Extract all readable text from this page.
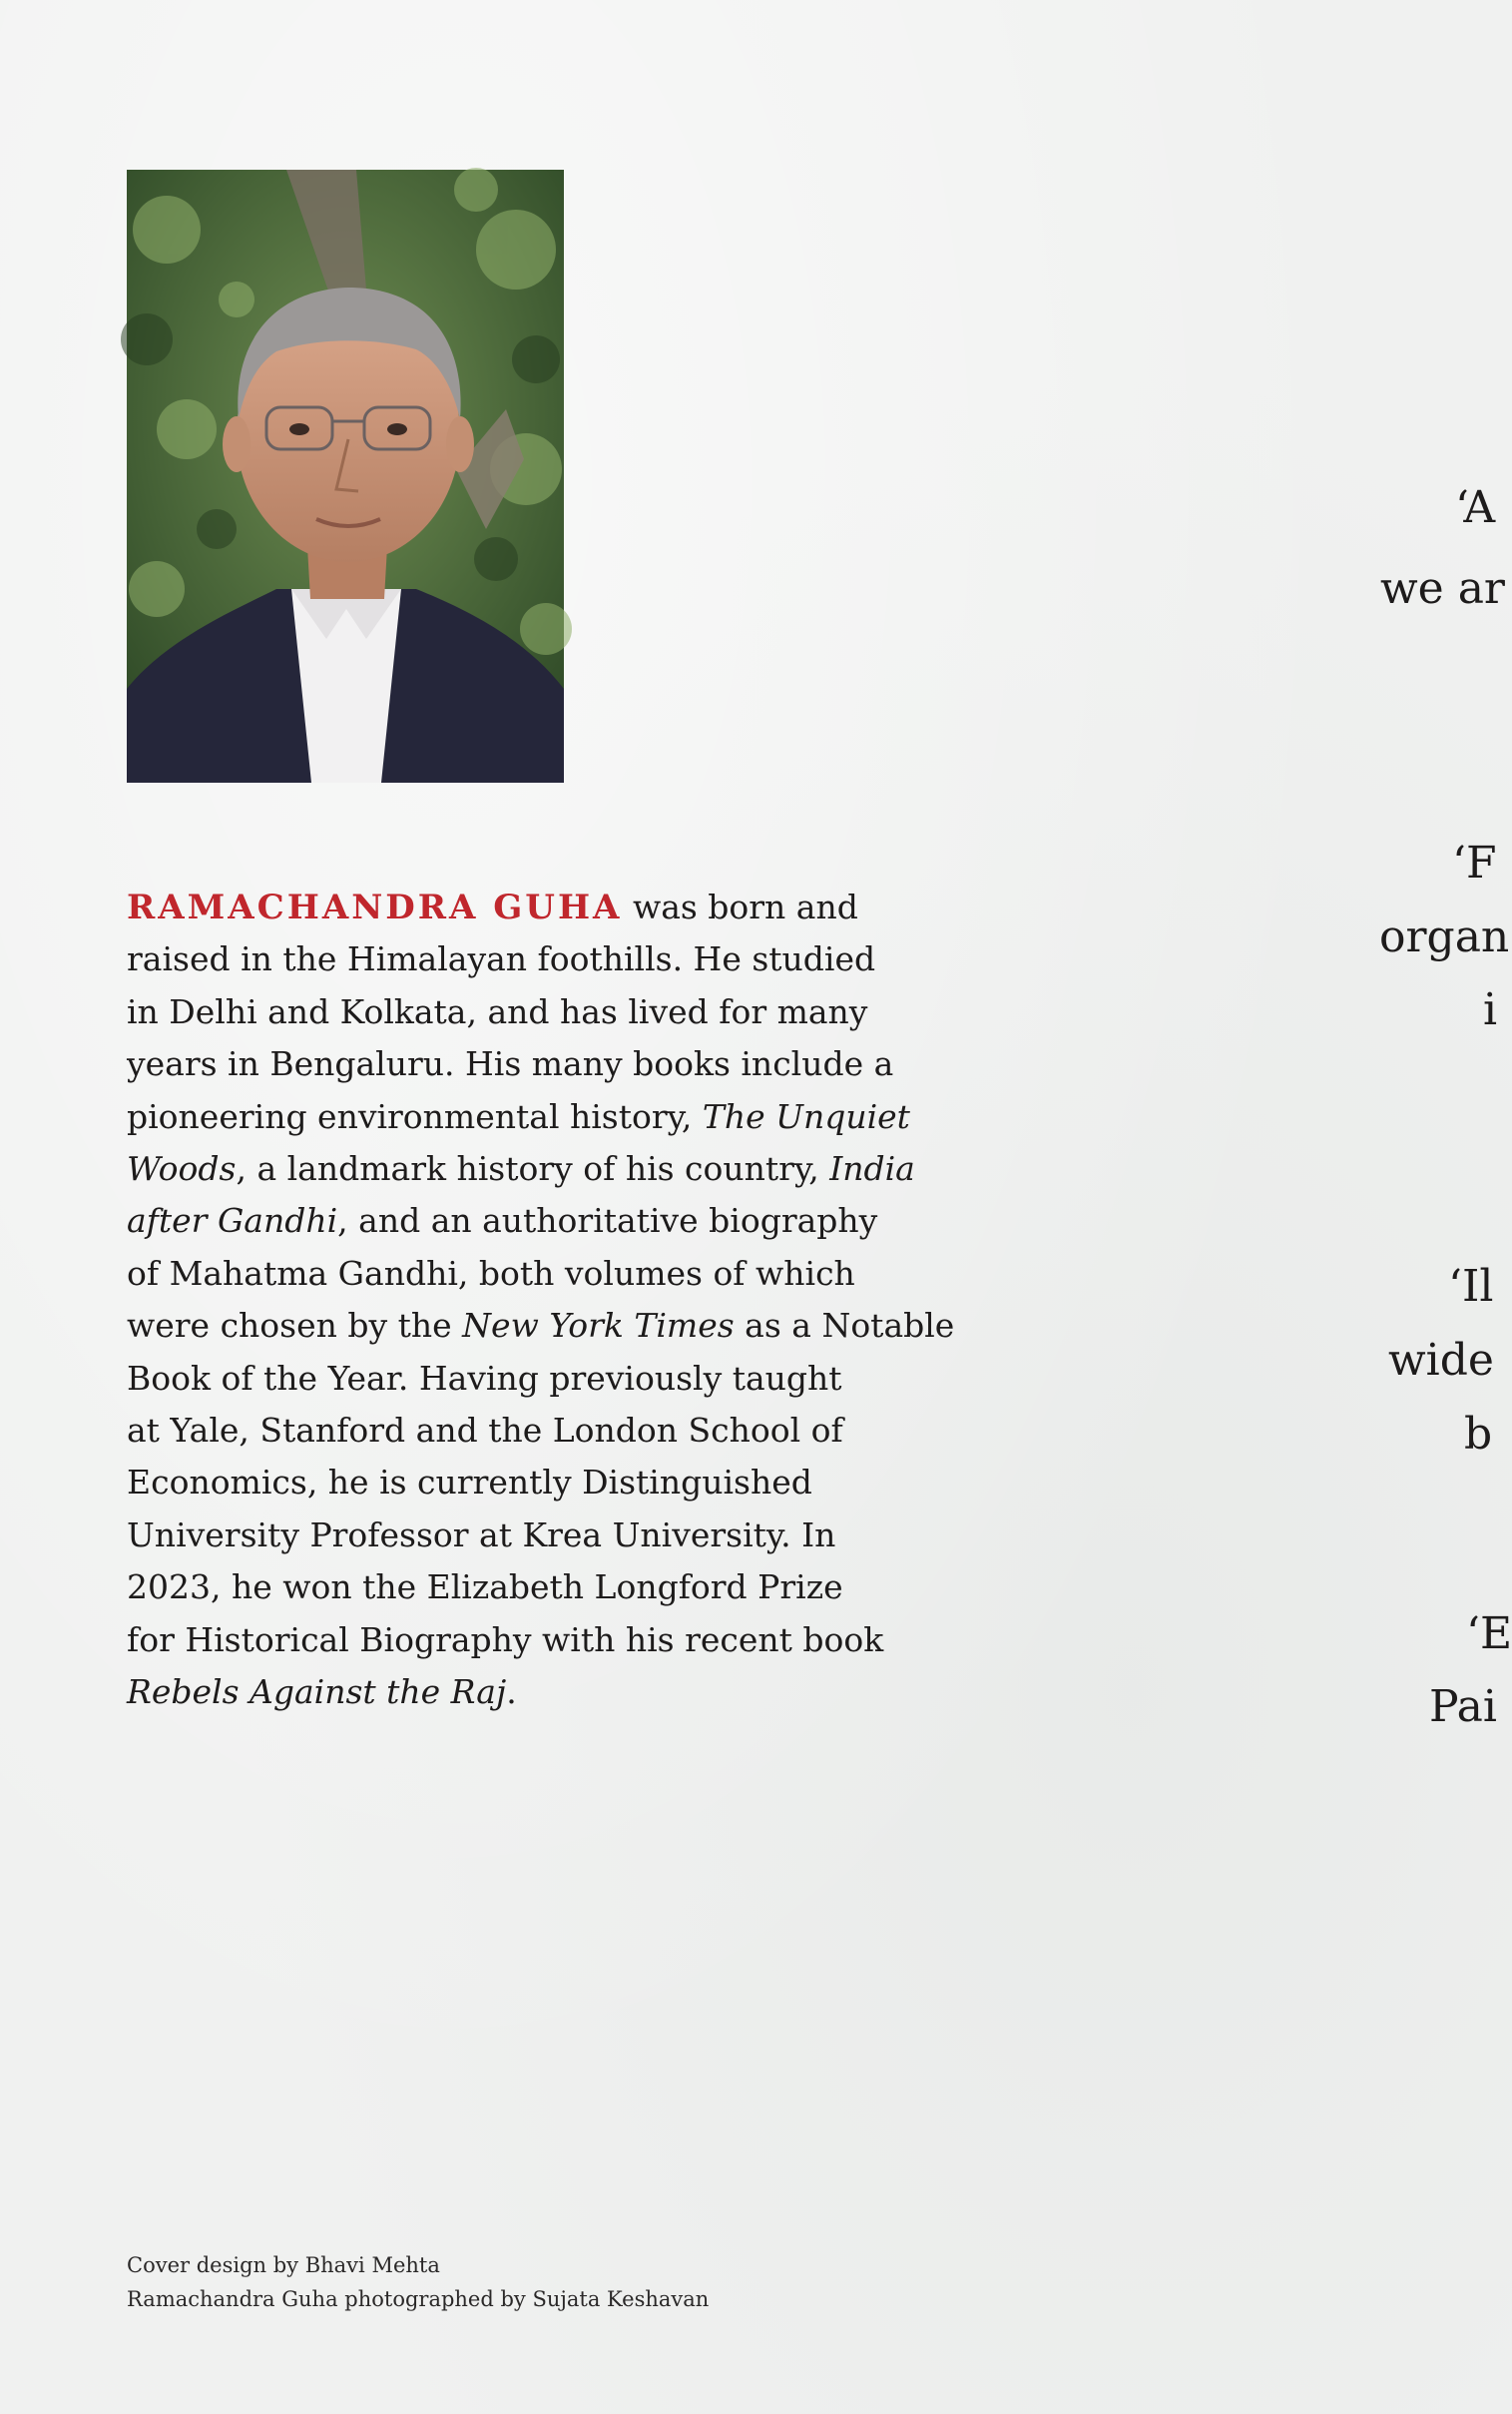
RAMACHANDRA GUHA was born and
raised in the Himalayan foothills. He studied
in Delhi and Kolkata, and has lived for many
years in Bengaluru. His many books include a
pioneering environmental history, The Unquiet
Woods, a landmark history of his country, India
after Gandhi, and an authoritative biography
of Mahatma Gandhi, both volumes of which
were chosen by the New York Times as a Notable
Book of the Year. Having previously taught
at Yale, Stanford and the London School of
Economics, he is currently Distinguished
University Professor at Krea University. In
2023, he won the Elizabeth Longford Prize
for Historical Biography with his recent book
Rebels Against the Raj.
‘A
we ar
‘F
organ
i
‘Il
wide
b
‘E
Pai
Cover design by Bhavi Mehta
Ramachandra Guha photographed by Sujata Keshavan
